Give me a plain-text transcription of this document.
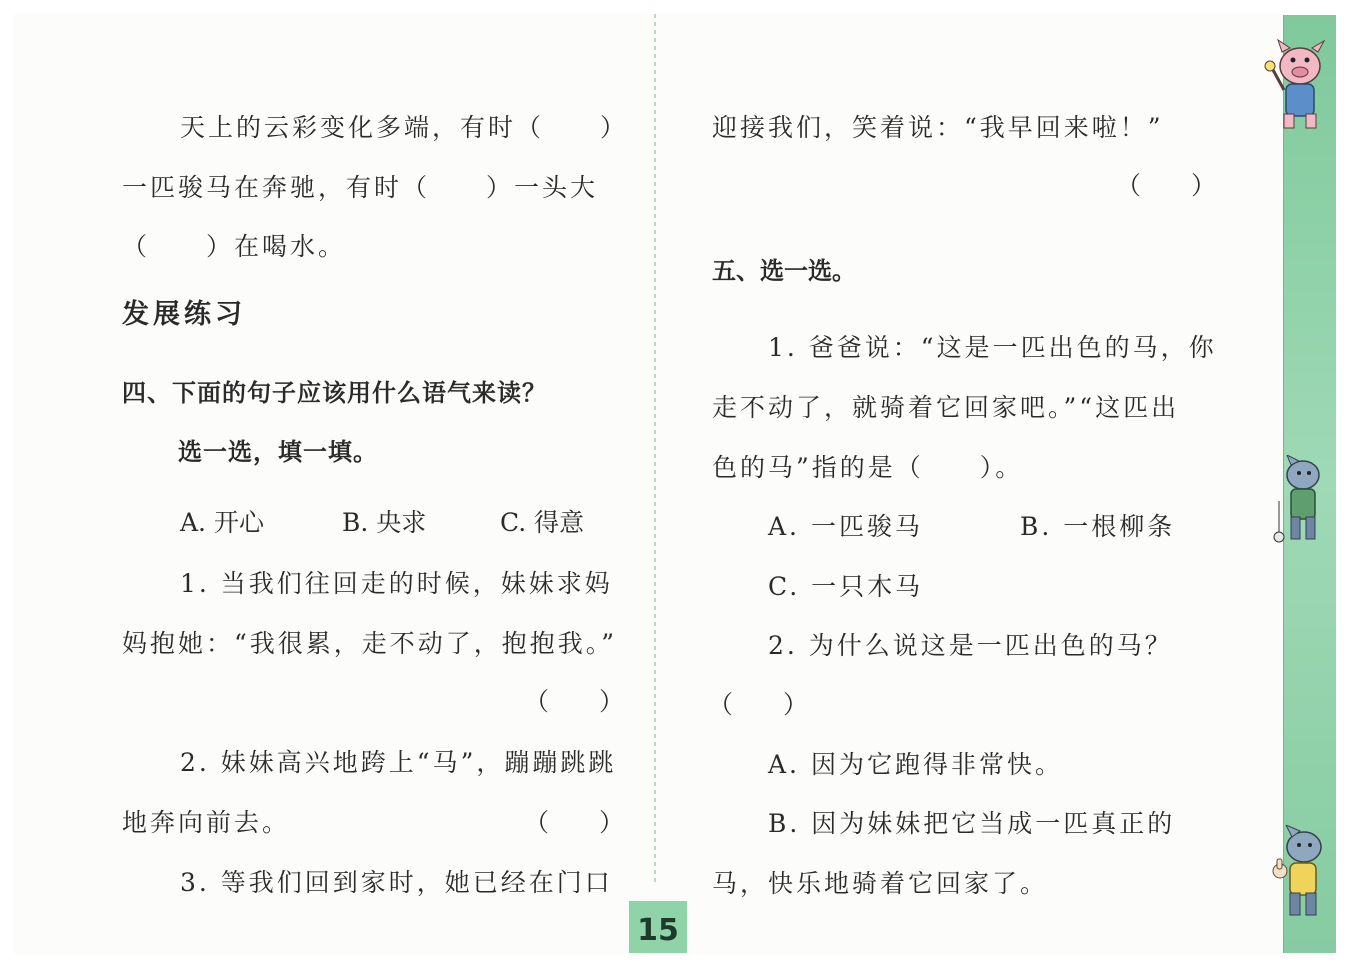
天上的云彩变化多端，有时（　　）
一匹骏马在奔驰，有时（　　）一头大
（　　）在喝水。
发展练习
四、下面的句子应该用什么语气来读？
选一选，填一填。
A. 开心	B. 央求	C. 得意
1. 当我们往回走的时候，妹妹求妈
妈抱她：“我很累，走不动了，抱抱我。”
（　　）
2. 妹妹高兴地跨上“马”，蹦蹦跳跳
地奔向前去。	（　　）
3. 等我们回到家时，她已经在门口
迎接我们，笑着说：“我早回来啦！”
（　　）
五、选一选。
1. 爸爸说：“这是一匹出色的马，你
走不动了，就骑着它回家吧。”“这匹出
色的马”指的是（　　）。
A. 一匹骏马	B. 一根柳条
C. 一只木马
2. 为什么说这是一匹出色的马？
（　　）
A. 因为它跑得非常快。
B. 因为妹妹把它当成一匹真正的
马，快乐地骑着它回家了。
15
